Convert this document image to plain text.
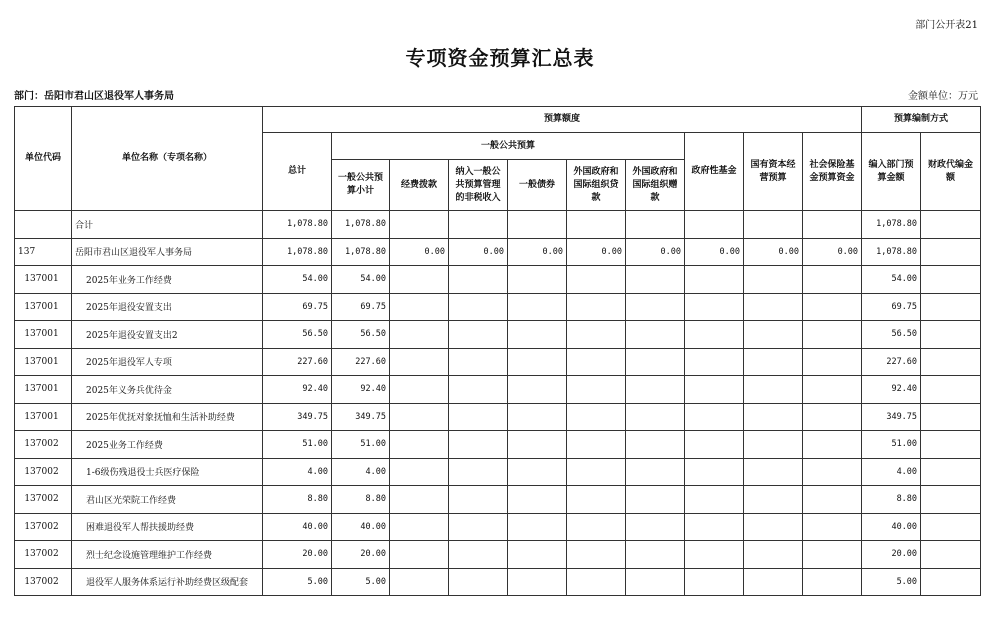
部门公开表21
专项资金预算汇总表
部门：岳阳市君山区退役军人事务局	金额单位：万元
单位代码	单位名称（专项名称）	预算额度										预算编制方式	
		总计	一般公共预算						政府性基金	国有资本经营预算	社会保险基金预算资金	编入部门预算金额	财政代编金额
			一般公共预算小计	经费拨款	纳入一般公共预算管理的非税收入	一般债券	外国政府和国际组织贷款	外国政府和国际组织赠款					
	合计	1,078.80	1,078.80									1,078.80	
137	岳阳市君山区退役军人事务局	1,078.80	1,078.80	0.00	0.00	0.00	0.00	0.00	0.00	0.00	0.00	1,078.80	
137001	2025年业务工作经费	54.00	54.00									54.00	
137001	2025年退役安置支出	69.75	69.75									69.75	
137001	2025年退役安置支出2	56.50	56.50									56.50	
137001	2025年退役军人专项	227.60	227.60									227.60	
137001	2025年义务兵优待金	92.40	92.40									92.40	
137001	2025年优抚对象抚恤和生活补助经费	349.75	349.75									349.75	
137002	2025业务工作经费	51.00	51.00									51.00	
137002	1-6级伤残退役士兵医疗保险	4.00	4.00									4.00	
137002	君山区光荣院工作经费	8.80	8.80									8.80	
137002	困难退役军人帮扶援助经费	40.00	40.00									40.00	
137002	烈士纪念设施管理维护工作经费	20.00	20.00									20.00	
137002	退役军人服务体系运行补助经费区级配套	5.00	5.00									5.00	
